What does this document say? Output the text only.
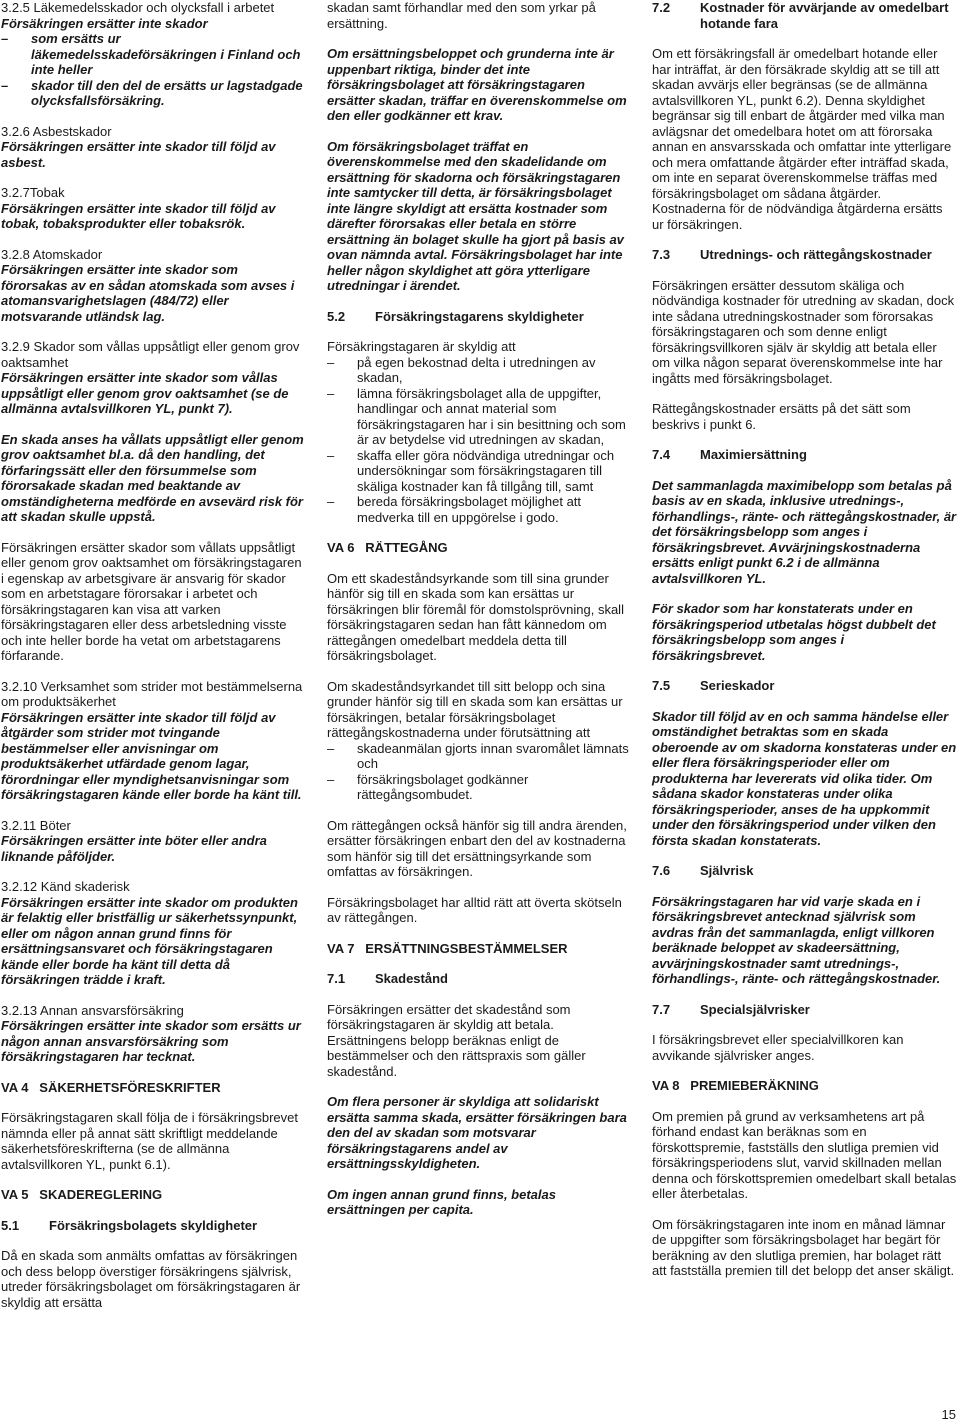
3.2.5 Läkemedelsskador och olycksfall i arbetet

Försäkringen ersätter inte skador

–	som ersätts ur läkemedelsskadeförsäkringen i Finland och inte heller
–	skador till den del de ersätts ur lagstadgade olycksfallsförsäkring.

3.2.6 Asbestskador

Försäkringen ersätter inte skador till följd av asbest.

3.2.7Tobak

Försäkringen ersätter inte skador till följd av tobak, tobaksprodukter eller tobaksrök.

3.2.8 Atomskador

Försäkringen ersätter inte skador som förorsakas av en sådan atomskada som avses i atomansvarighetslagen (484/72) eller motsvarande utländsk lag.

3.2.9 Skador som vållas uppsåtligt eller genom grov oaktsamhet

Försäkringen ersätter inte skador som vållas uppsåtligt eller genom grov oaktsamhet (se de allmänna avtalsvillkoren YL, punkt 7).

En skada anses ha vållats uppsåtligt eller genom grov oaktsamhet bl.a. då den handling, det förfaringssätt eller den försummelse som förorsakade skadan med beaktande av omständigheterna medförde en avsevärd risk för att skadan skulle uppstå.

Försäkringen ersätter skador som vållats uppsåtligt eller genom grov oaktsamhet om försäkringstagaren i egenskap av arbetsgivare är ansvarig för skador som en arbetstagare förorsakar i arbetet och försäkringstagaren kan visa att varken försäkringstagaren eller dess arbetsledning visste och inte heller borde ha vetat om arbetstagarens förfarande.

3.2.10 Verksamhet som strider mot bestämmelserna om produktsäkerhet

Försäkringen ersätter inte skador till följd av åtgärder som strider mot tvingande bestämmelser eller anvisningar om produktsäkerhet utfärdade genom lagar, förordningar eller myndighetsanvisningar som försäkringstagaren kände eller borde ha känt till.

3.2.11 Böter

Försäkringen ersätter inte böter eller andra liknande påföljder.

3.2.12 Känd skaderisk

Försäkringen ersätter inte skador om produkten är felaktig eller bristfällig ur säkerhetssynpunkt, eller om någon annan grund finns för ersättningsansvaret och försäkringstagaren kände eller borde ha känt till detta då försäkringen trädde i kraft.

3.2.13 Annan ansvarsförsäkring

Försäkringen ersätter inte skador som ersätts ur någon annan ansvarsförsäkring som försäkringstagaren har tecknat.

VA 4   SÄKERHETSFÖRESKRIFTER

Försäkringstagaren skall följa de i försäkringsbrevet nämnda eller på annat sätt skriftligt meddelande säkerhetsföreskrifterna (se de allmänna avtalsvillkoren YL, punkt 6.1).

VA 5   SKADEREGLERING

5.1	Försäkringsbolagets skyldigheter

Då en skada som anmälts omfattas av försäkringen och dess belopp överstiger försäkringens självrisk, utreder försäkringsbolaget om försäkringstagaren är skyldig att ersätta

skadan samt förhandlar med den som yrkar på ersättning.

Om ersättningsbeloppet och grunderna inte är uppenbart riktiga, binder det inte försäkringsbolaget att försäkringstagaren ersätter skadan, träffar en överenskommelse om den eller godkänner ett krav.

Om försäkringsbolaget träffat en överenskommelse med den skadelidande om ersättning för skadorna och försäkringstagaren inte samtycker till detta, är försäkringsbolaget inte längre skyldigt att ersätta kostnader som därefter förorsakas eller betala en större ersättning än bolaget skulle ha gjort på basis av ovan nämnda avtal. Försäkringsbolaget har inte heller någon skyldighet att göra ytterligare utredningar i ärendet.

5.2	Försäkringstagarens skyldigheter

Försäkringstagaren är skyldig att

–	på egen bekostnad delta i utredningen av skadan,
–	lämna försäkringsbolaget alla de uppgifter, handlingar och annat material som försäkringstagaren har i sin besittning och som är av betydelse vid utredningen av skadan,
–	skaffa eller göra nödvändiga utredningar och undersökningar som försäkringstagaren till skäliga kostnader kan få tillgång till, samt
–	bereda försäkringsbolaget möjlighet att medverka till en uppgörelse i godo.

VA 6   RÄTTEGÅNG

Om ett skadeståndsyrkande som till sina grunder hänför sig till en skada som kan ersättas ur försäkringen blir föremål för domstolsprövning, skall försäkringstagaren sedan han fått kännedom om rättegången omedelbart meddela detta till försäkringsbolaget.

Om skadeståndsyrkandet till sitt belopp och sina grunder hänför sig till en skada som kan ersättas ur försäkringen, betalar försäkringsbolaget rättegångskostnaderna under förutsättning att

–	skadeanmälan gjorts innan svaromålet lämnats och
–	försäkringsbolaget godkänner rättegångsombudet.

Om rättegången också hänför sig till andra ärenden, ersätter försäkringen enbart den del av kostnaderna som hänför sig till det ersättningsyrkande som omfattas av försäkringen.

Försäkringsbolaget har alltid rätt att överta skötseln av rättegången.

VA 7   ERSÄTTNINGSBESTÄMMELSER

7.1	Skadestånd

Försäkringen ersätter det skadestånd som försäkringstagaren är skyldig att betala. Ersättningens belopp beräknas enligt de bestämmelser och den rättspraxis som gäller skadestånd.

Om flera personer är skyldiga att solidariskt ersätta samma skada, ersätter försäkringen bara den del av skadan som motsvarar försäkringstagarens andel av ersättningsskyldigheten.

Om ingen annan grund finns, betalas ersättningen per capita.

7.2	Kostnader för avvärjande av omedelbart hotande fara

Om ett försäkringsfall är omedelbart hotande eller har inträffat, är den försäkrade skyldig att se till att skadan avvärjs eller begränsas (se de allmänna avtalsvillkoren YL, punkt 6.2). Denna skyldighet begränsar sig till enbart de åtgärder med vilka man avlägsnar det omedelbara hotet om att förorsaka annan en ansvarsskada och omfattar inte ytterligare och mera omfattande åtgärder efter inträffad skada, om inte en separat överenskommelse träffas med försäkringsbolaget om sådana åtgärder. Kostnaderna för de nödvändiga åtgärderna ersätts ur försäkringen.

7.3	Utrednings- och rättegångskostnader

Försäkringen ersätter dessutom skäliga och nödvändiga kostnader för utredning av skadan, dock inte sådana utredningskostnader som förorsakas försäkringstagaren och som denne enligt försäkringsvillkoren själv är skyldig att betala eller om vilka någon separat överenskommelse inte har ingåtts med försäkringsbolaget.

Rättegångskostnader ersätts på det sätt som beskrivs i punkt 6.

7.4	Maximiersättning

Det sammanlagda maximibelopp som betalas på basis av en skada, inklusive utrednings-, förhandlings-, ränte- och rättegångskostnader, är det försäkringsbelopp som anges i försäkringsbrevet. Avvärjningskostnaderna ersätts enligt punkt 6.2 i de allmänna avtalsvillkoren YL.

För skador som har konstaterats under en försäkringsperiod utbetalas högst dubbelt det försäkringsbelopp som anges i försäkringsbrevet.

7.5	Serieskador

Skador till följd av en och samma händelse eller omständighet betraktas som en skada oberoende av om skadorna konstateras under en eller flera försäkringsperioder eller om produkterna har levererats vid olika tider. Om sådana skador konstateras under olika försäkringsperioder, anses de ha uppkommit under den försäkringsperiod under vilken den första skadan konstaterats.

7.6	Självrisk

Försäkringstagaren har vid varje skada en i försäkringsbrevet antecknad självrisk som avdras från det sammanlagda, enligt villkoren beräknade beloppet av skadeersättning, avvärjningskostnader samt utrednings-, förhandlings-, ränte- och rättegångskostnader.

7.7	Specialsjälvrisker

I försäkringsbrevet eller specialvillkoren kan avvikande självrisker anges.

VA 8   PREMIEBERÄKNING

Om premien på grund av verksamhetens art på förhand endast kan beräknas som en förskottspremie, fastställs den slutliga premien vid försäkringsperiodens slut, varvid skillnaden mellan denna och förskottspremien omedelbart skall betalas eller återbetalas.

Om försäkringstagaren inte inom en månad lämnar de uppgifter som försäkringsbolaget har begärt för beräkning av den slutliga premien, har bolaget rätt att fastställa premien till det belopp det anser skäligt.

15
